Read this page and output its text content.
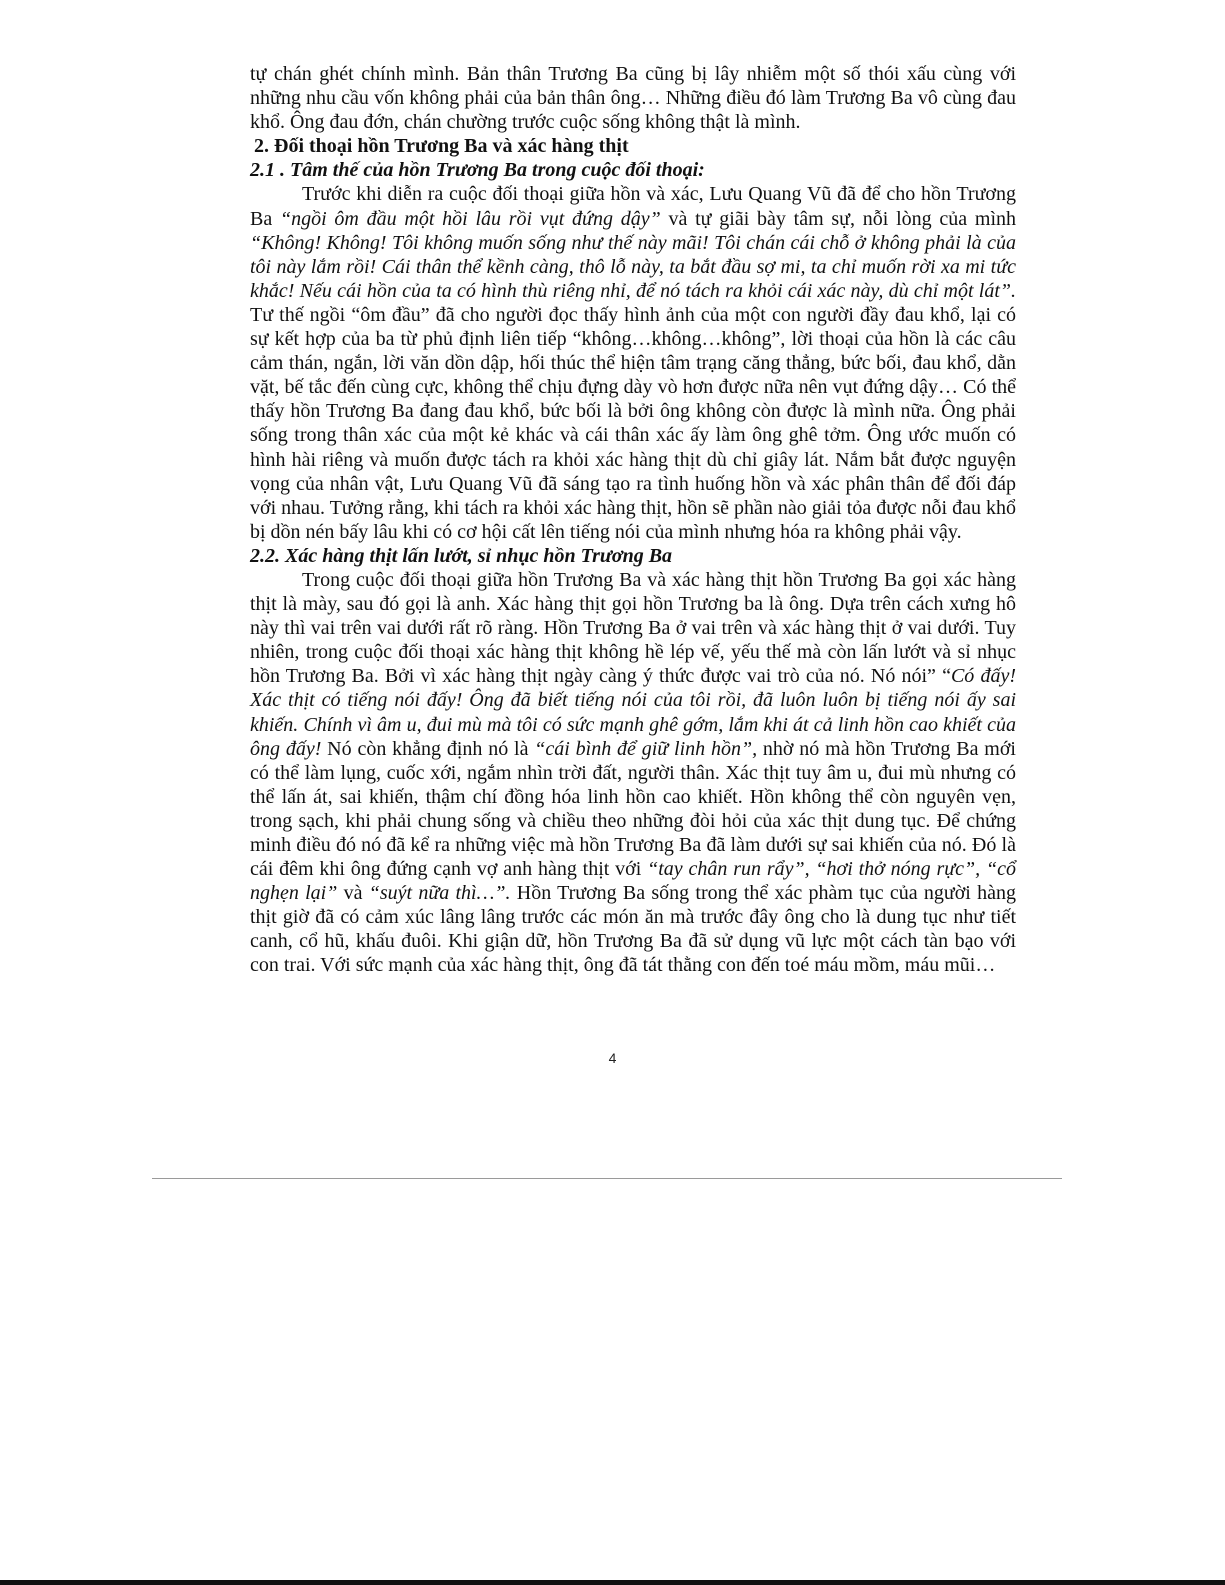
tự chán ghét chính mình. Bản thân Trương Ba cũng bị lây nhiễm một số thói xấu cùng với những nhu cầu vốn không phải của bản thân ông… Những điều đó làm Trương Ba vô cùng đau khổ. Ông đau đớn, chán chường trước cuộc sống không thật là mình.

2. Đối thoại hồn Trương Ba và xác hàng thịt

2.1 . Tâm thế của hồn Trương Ba trong cuộc đối thoại:

Trước khi diễn ra cuộc đối thoại giữa hồn và xác, Lưu Quang Vũ đã để cho hồn Trương Ba “ngồi ôm đầu một hồi lâu rồi vụt đứng dậy” và tự giãi bày tâm sự, nỗi lòng của mình “Không! Không! Tôi không muốn sống như thế này mãi! Tôi chán cái chỗ ở không phải là của tôi này lắm rồi! Cái thân thể kềnh càng, thô lỗ này, ta bắt đầu sợ mi, ta chỉ muốn rời xa mi tức khắc! Nếu cái hồn của ta có hình thù riêng nhỉ, để nó tách ra khỏi cái xác này, dù chỉ một lát”. Tư thế ngồi “ôm đầu” đã cho người đọc thấy hình ảnh của một con người đầy đau khổ, lại có sự kết hợp của ba từ phủ định liên tiếp “không…không…không”, lời thoại của hồn là các câu cảm thán, ngắn, lời văn dồn dập, hối thúc thể hiện tâm trạng căng thẳng, bức bối, đau khổ, dằn vặt, bế tắc đến cùng cực, không thể chịu đựng dày vò hơn được nữa nên vụt đứng dậy… Có thể thấy hồn Trương Ba đang đau khổ, bức bối là bởi ông không còn được là mình nữa. Ông phải sống trong thân xác của một kẻ khác và cái thân xác ấy làm ông ghê tởm. Ông ước muốn có hình hài riêng và muốn được tách ra khỏi xác hàng thịt dù chỉ giây lát. Nắm bắt được nguyện vọng của nhân vật, Lưu Quang Vũ đã sáng tạo ra tình huống hồn và xác phân thân để đối đáp với nhau. Tưởng rằng, khi tách ra khỏi xác hàng thịt, hồn sẽ phần nào giải tỏa được nỗi đau khổ bị dồn nén bấy lâu khi có cơ hội cất lên tiếng nói của mình nhưng hóa ra không phải vậy.

2.2. Xác hàng thịt lấn lướt, sỉ nhục hồn Trương Ba

Trong cuộc đối thoại giữa hồn Trương Ba và xác hàng thịt hồn Trương Ba gọi xác hàng thịt là mày, sau đó gọi là anh. Xác hàng thịt gọi hồn Trương ba là ông. Dựa trên cách xưng hô này thì vai trên vai dưới rất rõ ràng. Hồn Trương Ba ở vai trên và xác hàng thịt ở vai dưới. Tuy nhiên, trong cuộc đối thoại xác hàng thịt không hề lép vế, yếu thế mà còn lấn lướt và sỉ nhục hồn Trương Ba. Bởi vì xác hàng thịt ngày càng ý thức được vai trò của nó. Nó nói” “Có đấy! Xác thịt có tiếng nói đấy! Ông đã biết tiếng nói của tôi rồi, đã luôn luôn bị tiếng nói ấy sai khiến. Chính vì âm u, đui mù mà tôi có sức mạnh ghê gớm, lắm khi át cả linh hồn cao khiết của ông đấy! Nó còn khẳng định nó là “cái bình để giữ linh hồn”, nhờ nó mà hồn Trương Ba mới có thể làm lụng, cuốc xới, ngắm nhìn trời đất, người thân. Xác thịt tuy âm u, đui mù nhưng có thể lấn át, sai khiến, thậm chí đồng hóa linh hồn cao khiết. Hồn không thể còn nguyên vẹn, trong sạch, khi phải chung sống và chiều theo những đòi hỏi của xác thịt dung tục. Để chứng minh điều đó nó đã kể ra những việc mà hồn Trương Ba đã làm dưới sự sai khiến của nó. Đó là cái đêm khi ông đứng cạnh vợ anh hàng thịt với “tay chân run rẩy”, “hơi thở nóng rực”, “cổ nghẹn lại” và “suýt nữa thì…”. Hồn Trương Ba sống trong thể xác phàm tục của người hàng thịt giờ đã có cảm xúc lâng lâng trước các món ăn mà trước đây ông cho là dung tục như tiết canh, cổ hũ, khấu đuôi. Khi giận dữ, hồn Trương Ba đã sử dụng vũ lực một cách tàn bạo với con trai. Với sức mạnh của xác hàng thịt, ông đã tát thằng con đến toé máu mồm, máu mũi…

4
